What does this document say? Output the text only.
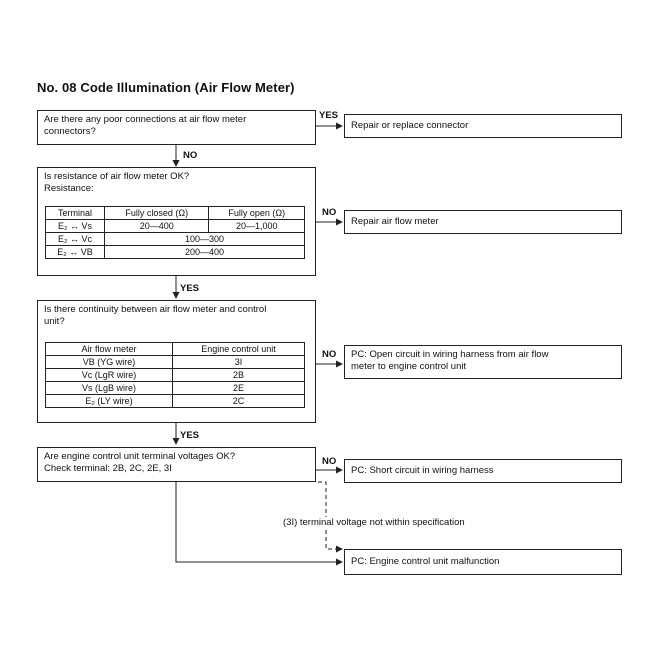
No. 08 Code Illumination (Air Flow Meter)
Are there any poor connections at air flow meter
connectors?
YES
Repair or replace connector
NO
Is resistance of air flow meter OK?
Resistance:
Terminal	Fully closed (Ω)	Fully open (Ω)
E₂ ↔ Vs	20—400	20—1,000
E₂ ↔ Vc	100—300	
E₂ ↔ VB	200—400	
NO
Repair air flow meter
YES
Is there continuity between air flow meter and control
unit?
Air flow meter	Engine control unit
VB (YG wire)	3I
Vc (LgR wire)	2B
Vs (LgB wire)	2E
E₂ (LY wire)	2C
NO	PC: Open circuit in wiring harness from air flow
meter to engine control unit
YES
Are engine control unit terminal voltages OK?
Check terminal: 2B, 2C, 2E, 3I
NO
PC: Short circuit in wiring harness
(3I) terminal voltage not within specification
PC: Engine control unit malfunction
